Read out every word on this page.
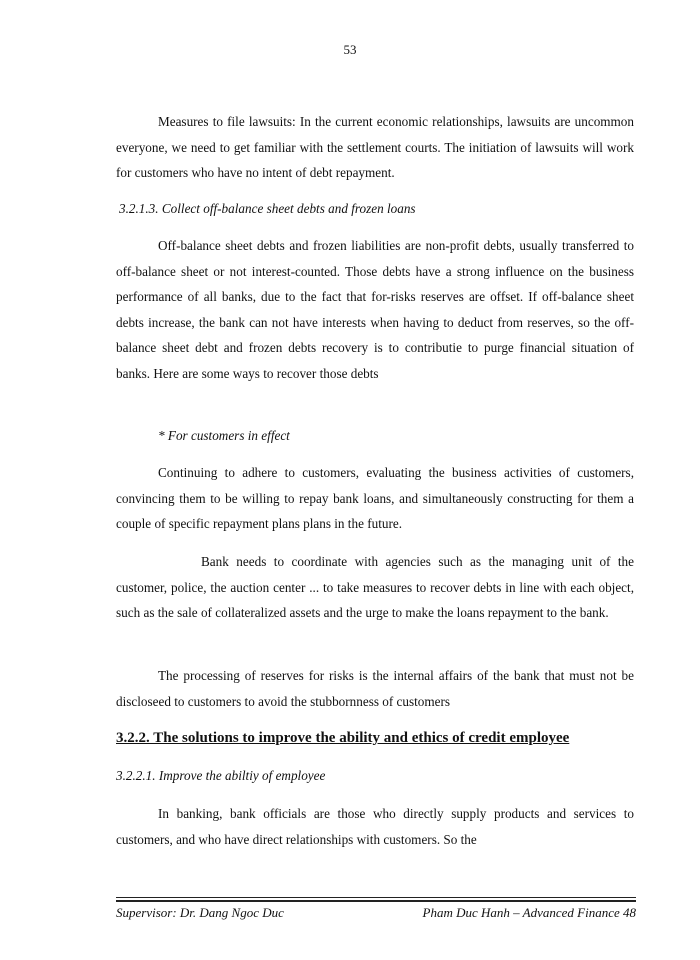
53
Measures to file lawsuits: In the current economic relationships, lawsuits are uncommon everyone, we need to get familiar with the settlement courts. The initiation of lawsuits will work for customers who have no intent of debt repayment.
3.2.1.3. Collect off-balance sheet debts and frozen loans
Off-balance sheet debts and frozen liabilities are non-profit debts, usually transferred to off-balance sheet or not interest-counted. Those debts have a strong influence on the business performance of all banks, due to the fact that for-risks reserves are offset. If off-balance sheet debts increase, the bank can not have interests when having to deduct from reserves, so the off-balance sheet debt and frozen debts recovery is to contributie to purge financial situation of banks. Here are some ways to recover those debts
* For customers in effect
Continuing to adhere to customers, evaluating the business activities of customers, convincing them to be willing to repay bank loans, and simultaneously constructing for them a couple of specific repayment plans plans in the future.
Bank needs to coordinate with agencies such as the managing unit of the customer, police, the auction center ... to take measures to recover debts in line with each object, such as the sale of collateralized assets and the urge to make the loans repayment to the bank.
The processing of reserves for risks is the internal affairs of the bank that must not be discloseed to customers to avoid the stubbornness of customers
3.2.2. The solutions to improve the ability and ethics of credit employee
3.2.2.1. Improve the abiltiy of employee
In banking, bank officials are those who directly supply products and services to customers, and who have direct relationships with customers. So the
Supervisor: Dr. Dang Ngoc Duc	Pham Duc Hanh – Advanced Finance 48
